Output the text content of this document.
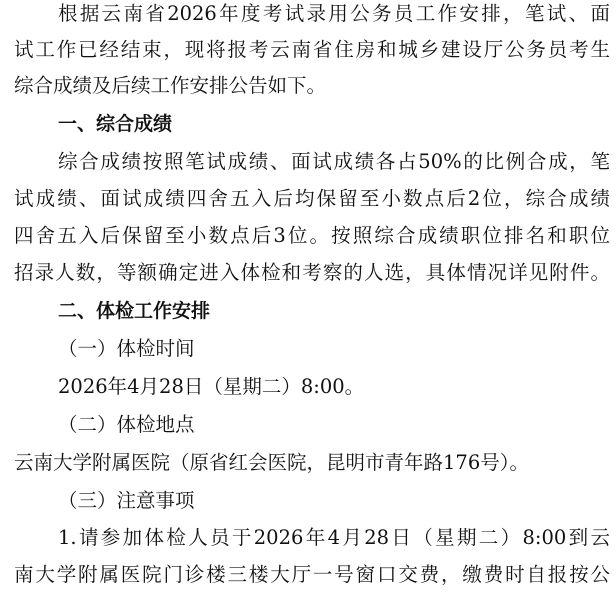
根据云南省2026年度考试录用公务员工作安排，笔试、面
试工作已经结束，现将报考云南省住房和城乡建设厅公务员考生
综合成绩及后续工作安排公告如下。
一、综合成绩
综合成绩按照笔试成绩、面试成绩各占50%的比例合成，笔
试成绩、面试成绩四舍五入后均保留至小数点后2位，综合成绩
四舍五入后保留至小数点后3位。按照综合成绩职位排名和职位
招录人数，等额确定进入体检和考察的人选，具体情况详见附件。
二、体检工作安排
（一）体检时间
2026年4月28日（星期二）8:00。
（二）体检地点
云南大学附属医院（原省红会医院，昆明市青年路176号）。
（三）注意事项
1.请参加体检人员于2026年4月28日（星期二）8:00到云
南大学附属医院门诊楼三楼大厅一号窗口交费，缴费时自报按公
